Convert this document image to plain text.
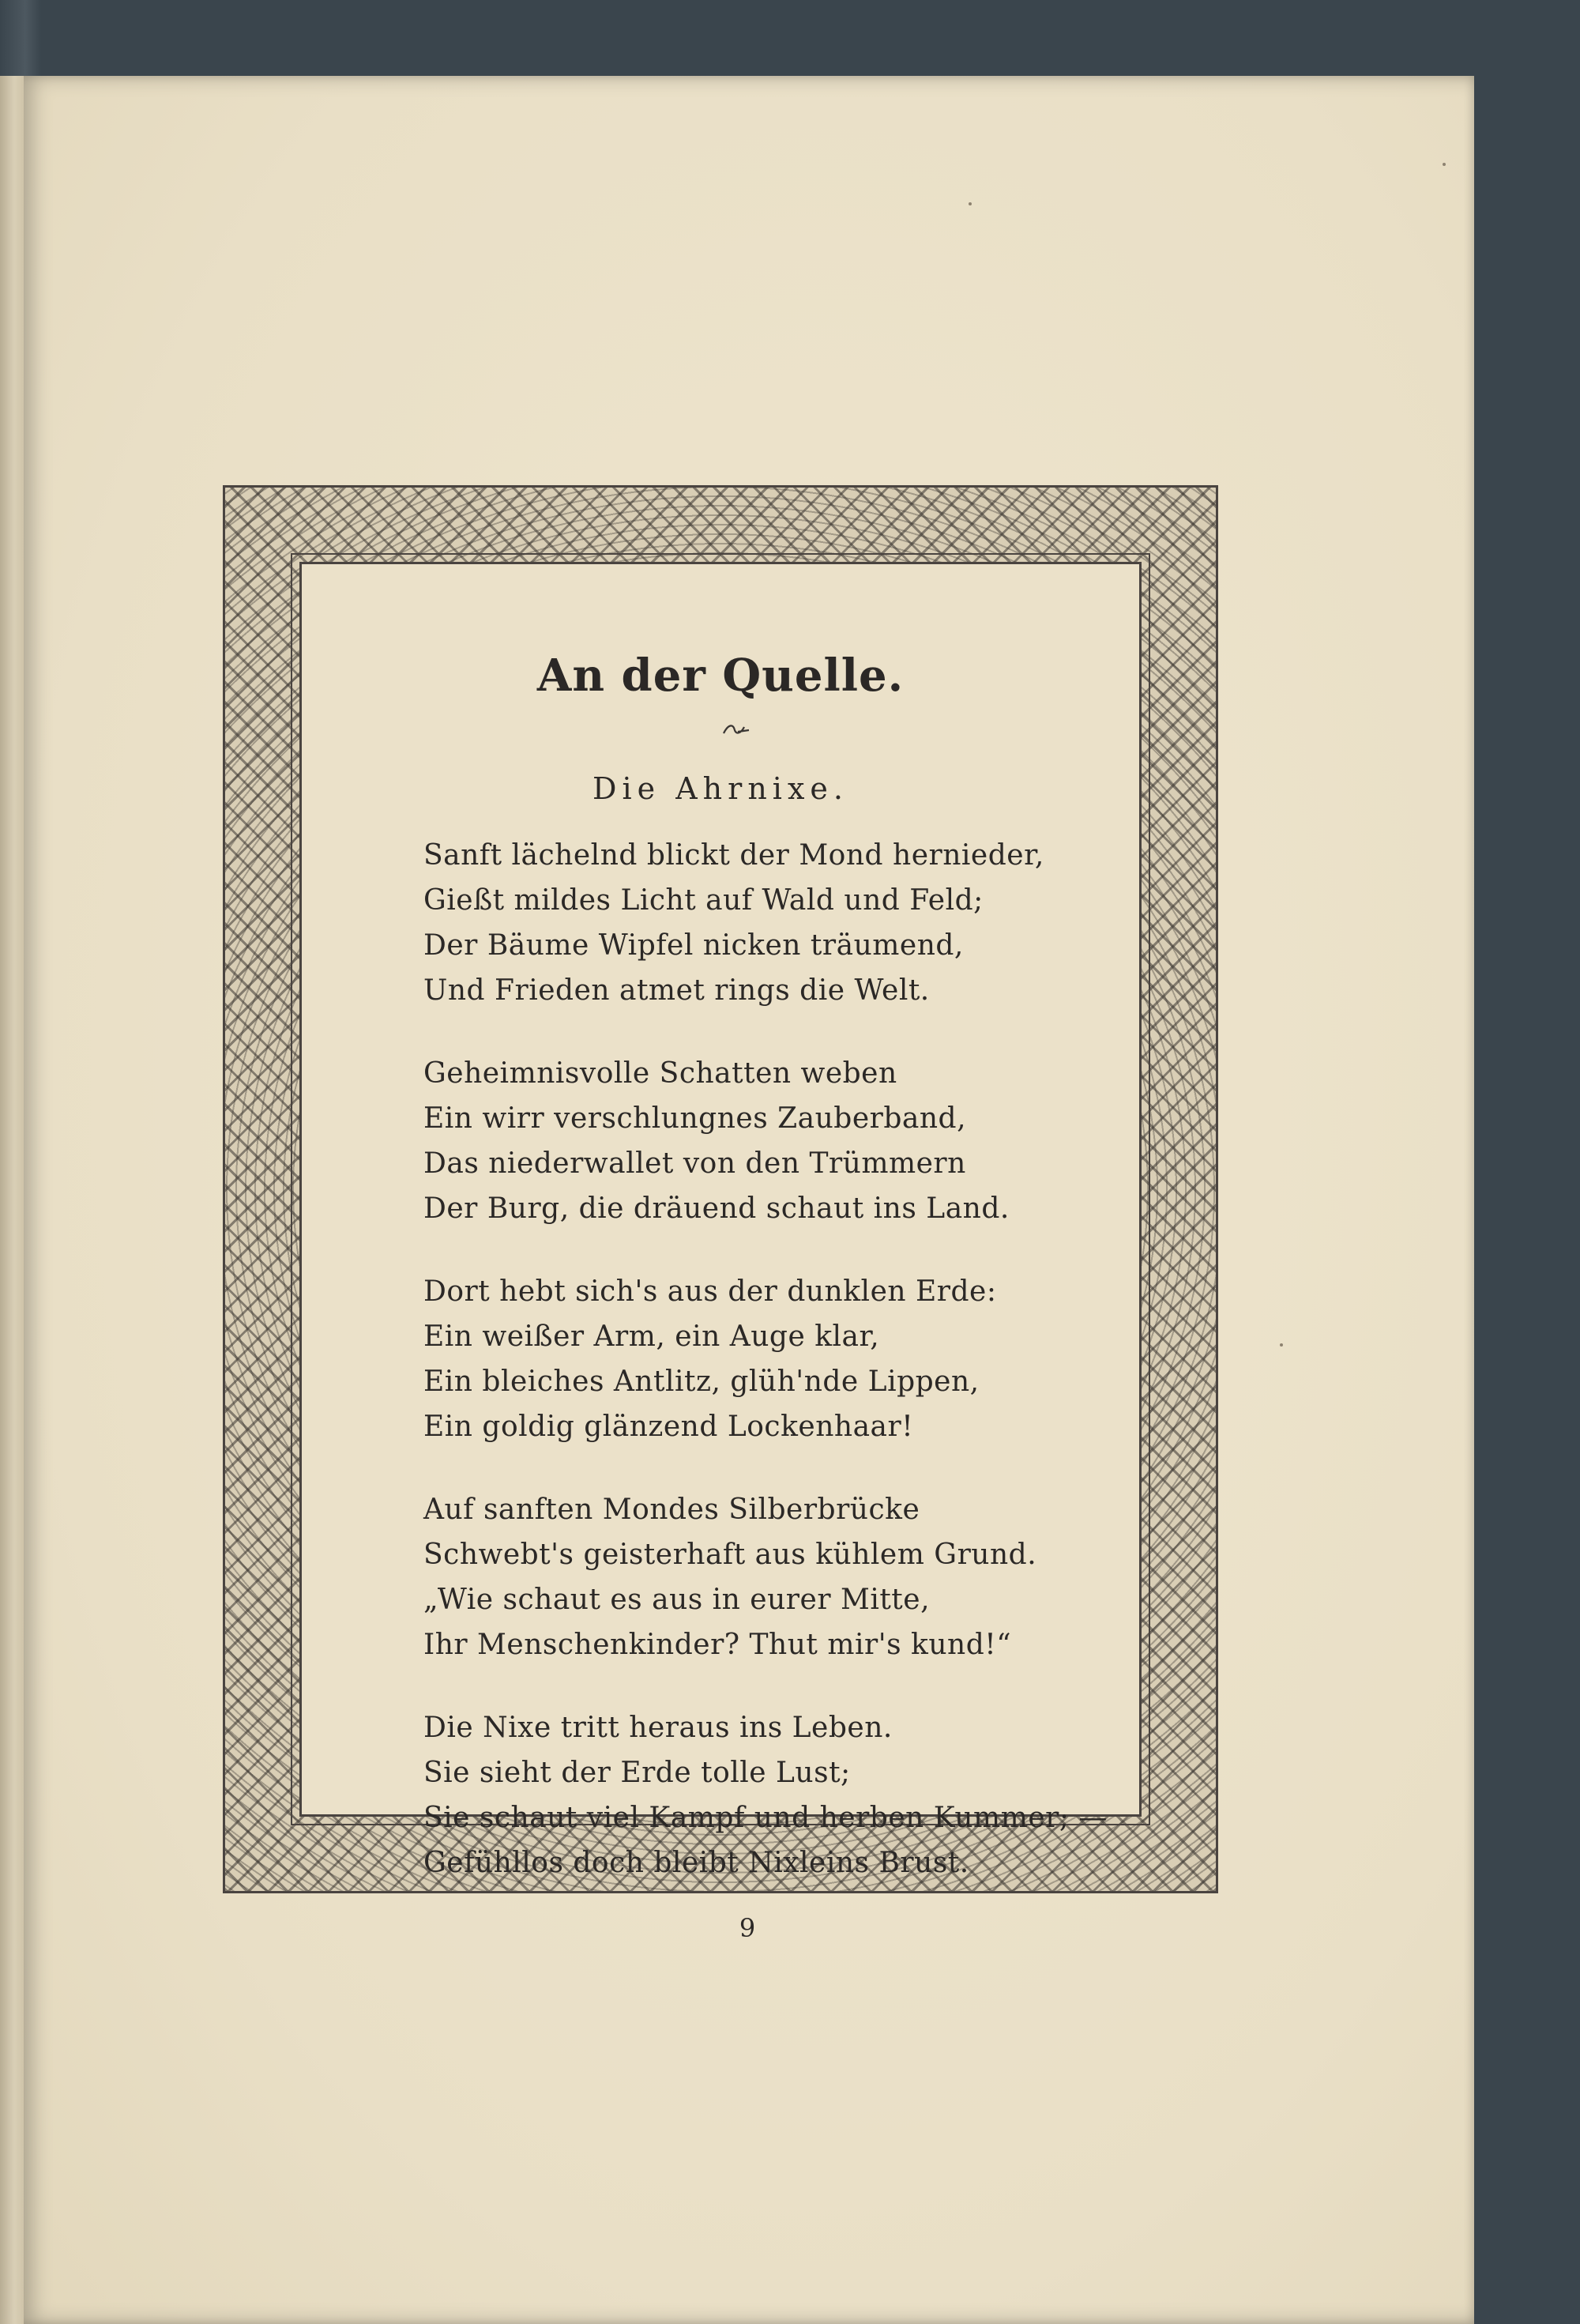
An der Quelle.
Die Ahrnixe.
Sanft lächelnd blickt der Mond hernieder,
Gießt mildes Licht auf Wald und Feld;
Der Bäume Wipfel nicken träumend,
Und Frieden atmet rings die Welt.
Geheimnisvolle Schatten weben
Ein wirr verschlungnes Zauberband,
Das niederwallet von den Trümmern
Der Burg, die dräuend schaut ins Land.
Dort hebt sich's aus der dunklen Erde:
Ein weißer Arm, ein Auge klar,
Ein bleiches Antlitz, glüh'nde Lippen,
Ein goldig glänzend Lockenhaar!
Auf sanften Mondes Silberbrücke
Schwebt's geisterhaft aus kühlem Grund.
„Wie schaut es aus in eurer Mitte,
Ihr Menschenkinder? Thut mir's kund!“
Die Nixe tritt heraus ins Leben.
Sie sieht der Erde tolle Lust;
Sie schaut viel Kampf und herben Kummer; —
Gefühllos doch bleibt Nixleins Brust.
9
